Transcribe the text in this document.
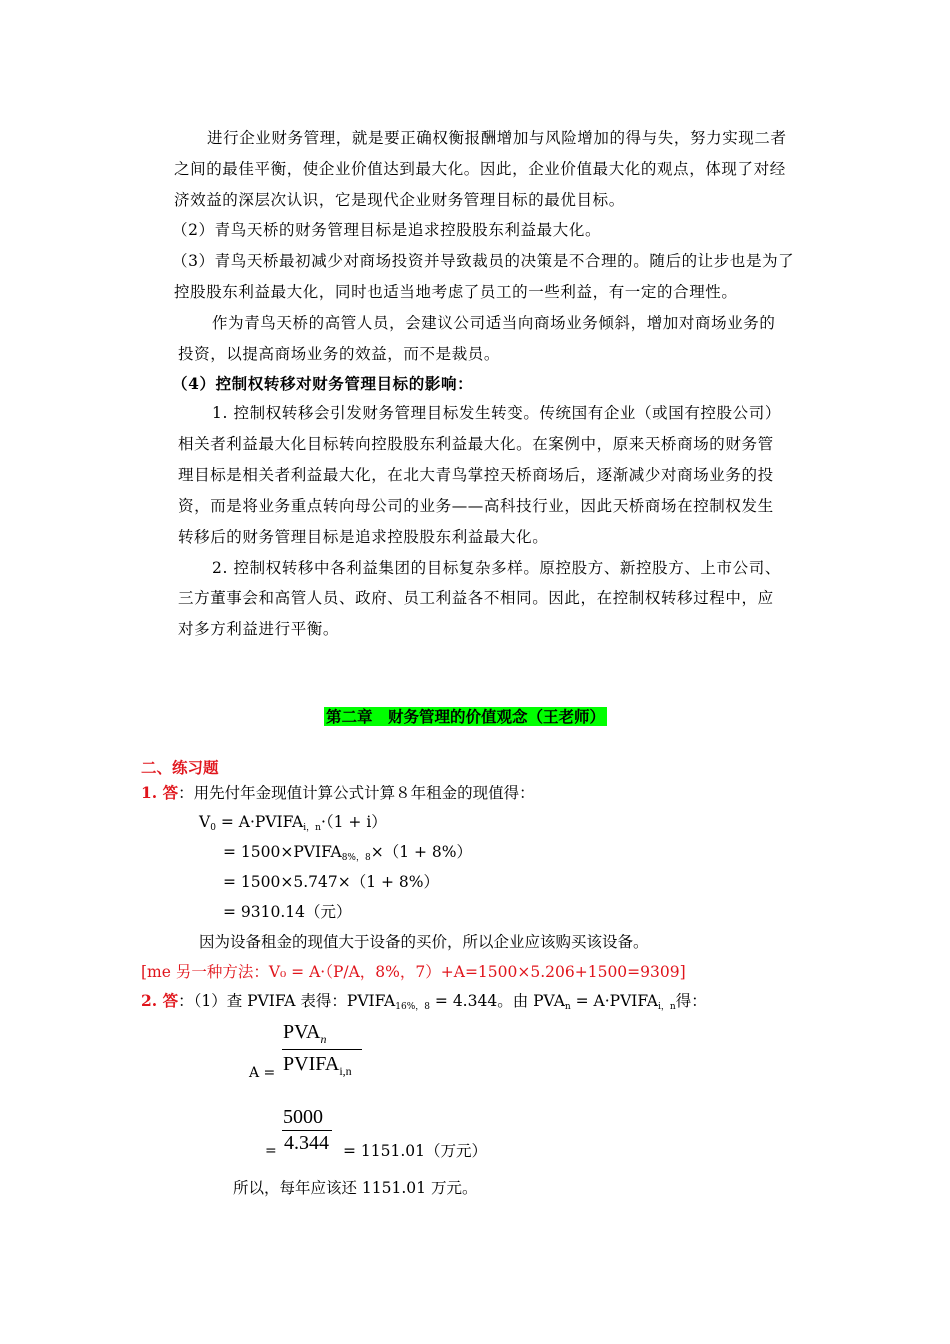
进行企业财务管理，就是要正确权衡报酬增加与风险增加的得与失，努力实现二者
之间的最佳平衡，使企业价值达到最大化。因此，企业价值最大化的观点，体现了对经
济效益的深层次认识，它是现代企业财务管理目标的最优目标。
（2）青鸟天桥的财务管理目标是追求控股股东利益最大化。
（3）青鸟天桥最初减少对商场投资并导致裁员的决策是不合理的。随后的让步也是为了
控股股东利益最大化，同时也适当地考虑了员工的一些利益，有一定的合理性。
作为青鸟天桥的高管人员，会建议公司适当向商场业务倾斜，增加对商场业务的
投资，以提高商场业务的效益，而不是裁员。
（4）控制权转移对财务管理目标的影响：
1. 控制权转移会引发财务管理目标发生转变。传统国有企业（或国有控股公司）
相关者利益最大化目标转向控股股东利益最大化。在案例中，原来天桥商场的财务管
理目标是相关者利益最大化，在北大青鸟掌控天桥商场后，逐渐减少对商场业务的投
资，而是将业务重点转向母公司的业务——高科技行业，因此天桥商场在控制权发生
转移后的财务管理目标是追求控股股东利益最大化。
2. 控制权转移中各利益集团的目标复杂多样。原控股方、新控股方、上市公司、
三方董事会和高管人员、政府、员工利益各不相同。因此，在控制权转移过程中，应
对多方利益进行平衡。
第二章　财务管理的价值观念（王老师）
二、练习题
1. 答：用先付年金现值计算公式计算８年租金的现值得：
$V_0$ = $A\cdot PVIFA_{i,n}\cdot(1 + i)$
= $1500\times PVIFA_{8\%,8}\times(1 + 8\%)$
= 1500×5.747×（1 + 8%）
= 9310.14（元）
因为设备租金的现值大于设备的买价，所以企业应该购买该设备。
[me 另一种方法：V₀ = A·（P/A，8%，7）+A=1500×5.206+1500=9309]
2. 答：（1）查 PVIFA 表得：$PVIFA_{16\%,8} = 4.344$。由 $PVA_n$ = $A\cdot PVIFA_{i,n}$得：
$PVA_n$
$PVIFA_{i,n}$
A =
5000
4.344
=	= 1151.01（万元）
所以，每年应该还 1151.01 万元。
